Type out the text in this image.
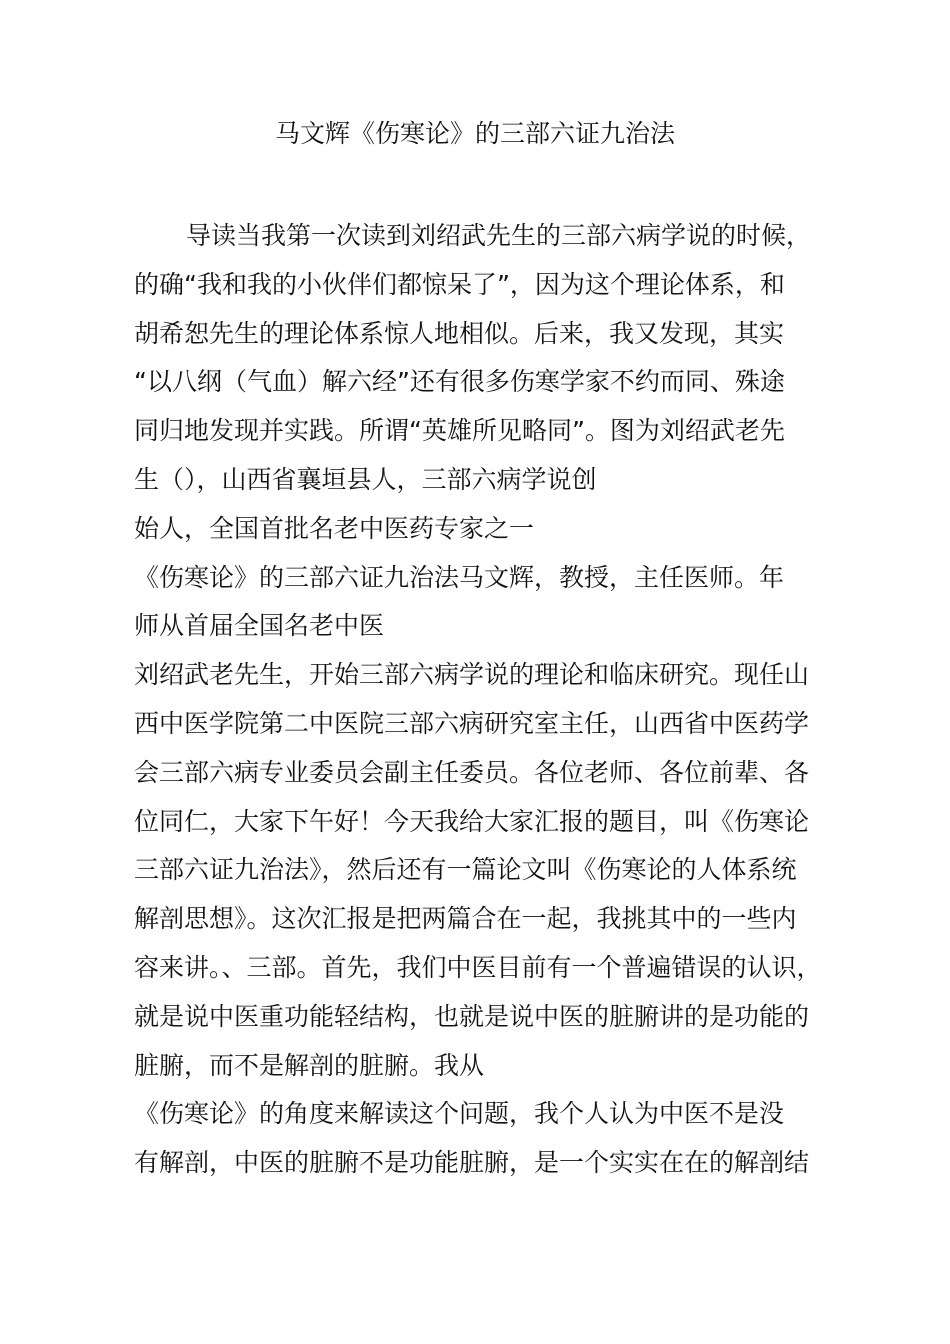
马文辉《伤寒论》的三部六证九治法
导读当我第一次读到刘绍武先生的三部六病学说的时候，
的确“我和我的小伙伴们都惊呆了”，因为这个理论体系，和
胡希恕先生的理论体系惊人地相似。后来，我又发现，其实
“以八纲（气血）解六经”还有很多伤寒学家不约而同、殊途
同归地发现并实践。所谓“英雄所见略同”。图为刘绍武老先
生（），山西省襄垣县人，三部六病学说创
始人，全国首批名老中医药专家之一
《伤寒论》的三部六证九治法马文辉，教授，主任医师。年
师从首届全国名老中医
刘绍武老先生，开始三部六病学说的理论和临床研究。现任山
西中医学院第二中医院三部六病研究室主任，山西省中医药学
会三部六病专业委员会副主任委员。各位老师、各位前辈、各
位同仁，大家下午好！今天我给大家汇报的题目，叫《伤寒论
三部六证九治法》，然后还有一篇论文叫《伤寒论的人体系统
解剖思想》。这次汇报是把两篇合在一起，我挑其中的一些内
容来讲。、三部。首先，我们中医目前有一个普遍错误的认识，
就是说中医重功能轻结构，也就是说中医的脏腑讲的是功能的
脏腑，而不是解剖的脏腑。我从
《伤寒论》的角度来解读这个问题，我个人认为中医不是没
有解剖，中医的脏腑不是功能脏腑，是一个实实在在的解剖结
